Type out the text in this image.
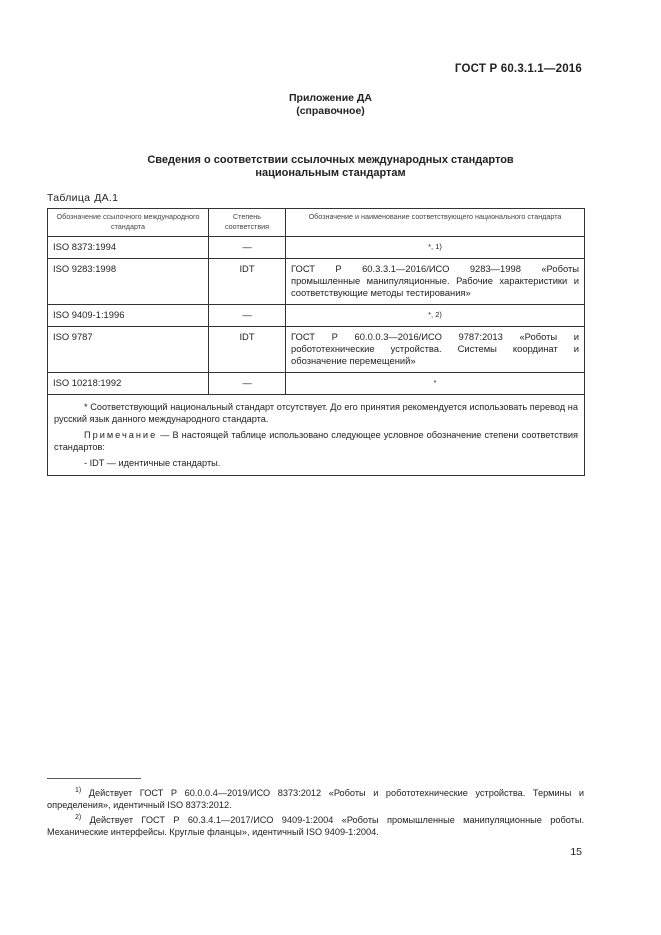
ГОСТ Р 60.3.1.1—2016
Приложение ДА
(справочное)
Сведения о соответствии ссылочных международных стандартов
национальным стандартам
Таблица ДА.1
Обозначение ссылочного международного стандарта	Степень соответствия	Обозначение и наименование соответствующего национального стандарта
ISO 8373:1994	—	*, 1)
ISO 9283:1998	IDT	ГОСТ Р 60.3.3.1—2016/ИСО 9283—1998 «Роботы промышленные манипуляционные. Рабочие характеристики и соответствующие методы тестирования»
ISO 9409-1:1996	—	*, 2)
ISO 9787	IDT	ГОСТ Р 60.0.0.3—2016/ИСО 9787:2013 «Роботы и робототехнические устройства. Системы координат и обозначение перемещений»
ISO 10218:1992	—	*

* Соответствующий национальный стандарт отсутствует. До его принятия рекомендуется использовать перевод на русский язык данного международного стандарта.

Примечание — В настоящей таблице использовано следующее условное обозначение степени соответствия стандартов:

- IDT — идентичные стандарты.		

$^{1)}$ Действует ГОСТ Р 60.0.0.4—2019/ИСО 8373:2012 «Роботы и робототехнические устройства. Термины и определения», идентичный ISO 8373:2012.
$^{2)}$ Действует ГОСТ Р 60.3.4.1—2017/ИСО 9409-1:2004 «Роботы промышленные манипуляционные роботы. Механические интерфейсы. Круглые фланцы», идентичный ISO 9409-1:2004.
15
